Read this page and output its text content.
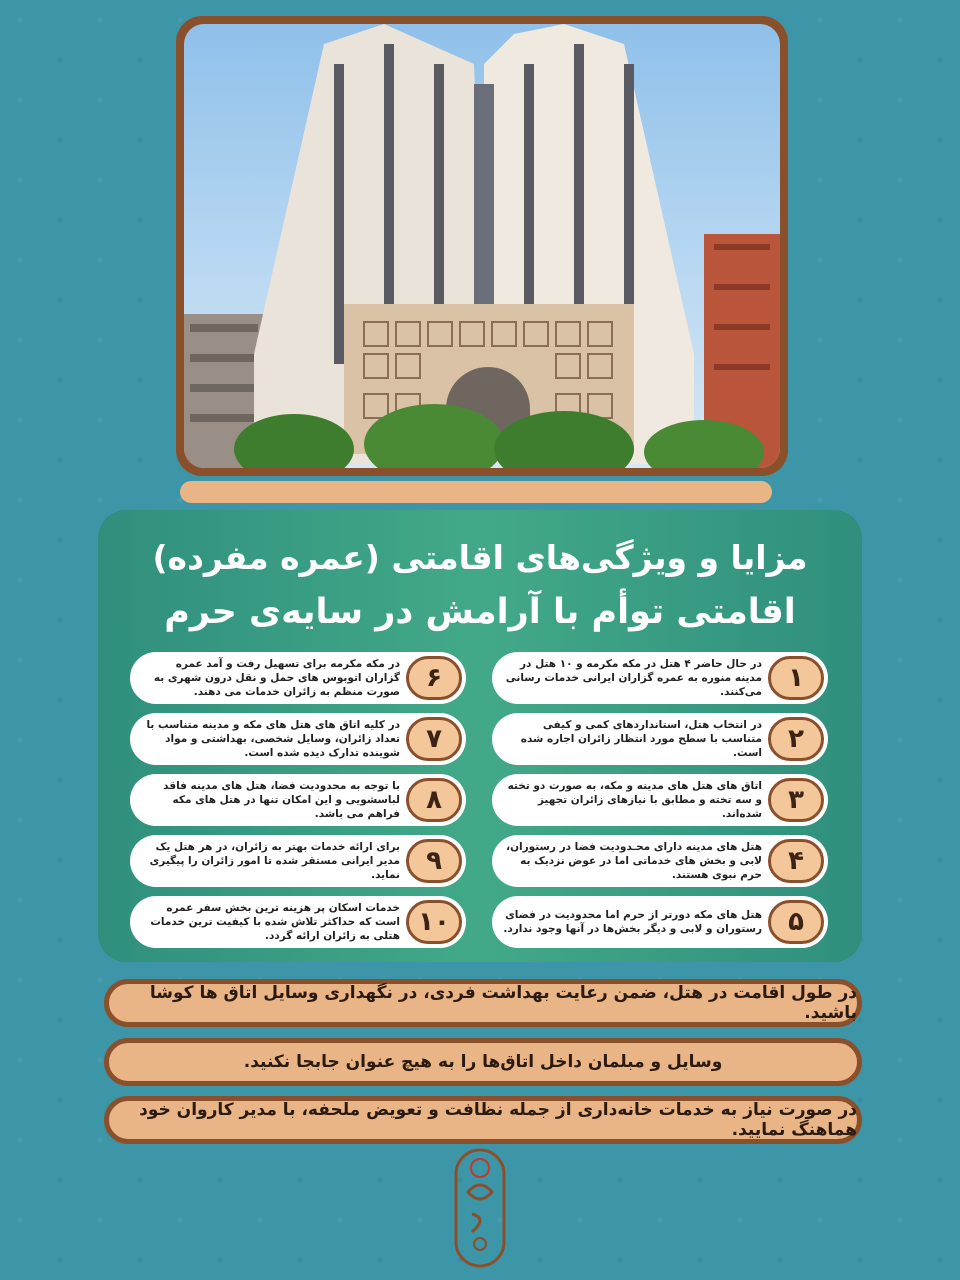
مزایا و ویژگی‌های اقامتی (عمره مفرده)
اقامتی توأم با آرامش در سایه‌ی حرم
۱
در حال حاضر ۴ هتل در مکه مکرمه و ۱۰ هتل در مدینه منوره به عمره گزاران ایرانی خدمات رسانی می‌کنند.
۲
در انتخاب هتل، استانداردهای کمی و کیفی متناسب با سطح مورد انتظار زائران اجاره شده است.
۳
اتاق های هتل های مدینه و مکه، به صورت دو تخته و سه تخته و مطابق با نیازهای زائران تجهیز شده‌اند.
۴
هتل های مدینه دارای محـدودیت فضا در رستوران، لابی و بخش های خدماتی اما در عوض نزدیک به حرم نبوی هستند.
۵
هتل های مکه دورتر از حرم اما محدودیت در فضای رستوران و لابی و دیگر بخش‌ها در آنها وجود ندارد.
۶
در مکه مکرمه برای تسهیل رفت و آمد عمره گزاران اتوبوس های حمل و نقل درون شهری به صورت منظم به زائران خدمات می دهند.
۷
در کلیه اتاق های هتل های مکه و مدینه متناسب با تعداد زائران، وسایل شخصی، بهداشتی و مواد شوینده تدارک دیده شده است.
۸
با توجه به محدودیت فضا، هتل های مدینه فاقد لباسشویی و این امکان تنها در هتل های مکه فراهم می باشد.
۹
برای ارائه خدمات بهتر به زائران، در هر هتل یک مدیر ایرانی مستقر شده تا امور زائران را پیگیری نماید.
۱۰
خدمات اسکان پر هزینه ترین بخش سفر عمره است که حداکثر تلاش شده با کیفیت ترین خدمات هتلی به زائران ارائه گردد.
در طول اقامت در هتل، ضمن رعایت بهداشت فردی، در نگهداری وسایل اتاق ها کوشا باشید.
وسایل و مبلمان داخل اتاق‌ها را به هیچ عنوان جابجا نکنید.
در صورت نیاز به خدمات خانه‌داری از جمله نظافت و تعویض ملحفه، با مدیر کاروان خود هماهنگ نمایید.
